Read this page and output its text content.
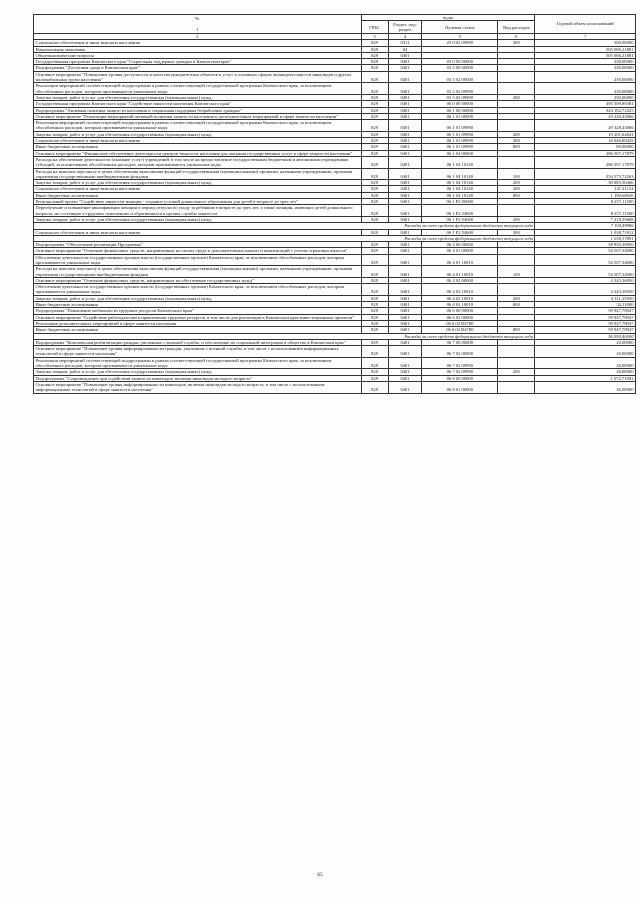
№
1	коды				Годовой объем ассигнований
	ГРБС	Раздел, под-раздел	Целевая статья	Вид расходов	
2	3	4	5	6	7
Социальное обеспечение и иные выплаты населению	829	0311	25 0 02 09990	300	300,00000
Национальная экономика	829	04			505 086,21881
Общеэкономические вопросы	829	0401			505 086,21881
Государственная программа Камчатского края "Социальная поддержка граждан в Камчатском крае"	829	0401	03 0 00 00000		250,00000
Подпрограмма "Доступная среда в Камчатском крае"	829	0401	03 3 00 00000		250,00000
Основное мероприятие "Повышение уровня доступности и качества приоритетных объектов и услуг в основных сферах жизнедеятельности инвалидов и других маломобильных групп населения"	829	0401	03 3 02 00000		250,00000
Реализация мероприятий соответствующей подпрограммы в рамках соответствующей государственной программы Камчатского края, за исключением обособленных расходов, которым присваиваются уникальные коды	829	0401	03 3 02 09990		250,00000
Закупка товаров, работ и услуг для обеспечения государственных (муниципальных) нужд	829	0401	03 3 02 09990	200	250,00000
Государственная программа Камчатского края "Содействие занятости населения Камчатского края"	829	0401	06 0 00 00000		495 309,89381
Подпрограмма "Активная политика занятости населения и социальная поддержка безработных граждан"	829	0401	06 1 00 00000		324 182,72425
Основное мероприятие "Реализация мероприятий активной политики занятости населения и дополнительных мероприятий в сфере занятости населения"	829	0401	06 1 01 00000		29 328,43066
Реализация мероприятий соответствующей подпрограммы в рамках соответствующей государственной программы Камчатского края, за исключением обособленных расходов, которым присваиваются уникальные коды	829	0401	06 1 01 09990		29 328,43066
Закупка товаров, работ и услуг для обеспечения государственных (муниципальных) нужд	829	0401	06 1 01 09990	200	19 201,62641
Социальное обеспечение и иные выплаты населению	829	0401	06 1 01 09990	300	10 046,80425
Иные бюджетные ассигнования	829	0401	06 1 01 09990	800	80,00000
Основное мероприятие "Финансовое обеспечение деятельности центров занятости населения для оказания государственных услуг в сфере занятости населения"	829	0401	06 1 04 00000		286 597,17879
Расходы на обеспечение деятельности (оказание услуг) учреждений, в том числе на предоставление государственным бюджетным и автономным учреждениям субсидий, за исключением обособленных расходов, которым присваиваются уникальные коды	829	0401	06 1 04 10140		286 597,17879
Расходы на выплаты персоналу в целях обеспечения выполнения функций государственными (муниципальными) органами, казенными учреждениями, органами управления государственными внебюджетными фондами	829	0401	06 1 04 10140	100	254 573,72263
Закупка товаров, работ и услуг для обеспечения государственных (муниципальных) нужд	829	0401	06 1 04 10140	200	30 885,56466
Социальное обеспечение и иные выплаты населению	829	0401	06 1 04 10140	300	147,21124
Иные бюджетные ассигнования	829	0401	06 1 04 10140	800	1 190,68026
Региональный проект "Содействие занятости женщин - создание условий дошкольного образования для детей в возрасте до трех лет"	829	0401	06 1 P2 00000		8 257,11500
Переобучение и повышение квалификации женщин в период отпуска по уходу за ребенком в возрасте до трех лет, а также женщин, имеющих детей дошкольного возраста, не состоящих в трудовых отношениях и обратившихся в органы службы занятости	829	0401	06 1 P2 54600		8 257,11500
Закупка товаров, работ и услуг для обеспечения государственных (муниципальных) нужд	829	0401	06 1 P2 54600	200	7 218,39688
Расходы за счет средств федерального бюджета текущего года					7 194,49986
Социальное обеспечение и иные выплаты населению	829	0401	06 1 P2 54600	300	1 038,71812
Расходы за счет средств федерального бюджета текущего года					1 038,37891
Подпрограмма "Обеспечение реализации Программы"	829	0401	06 4 00 00000		58 850,30950
Основное мероприятие "Освоение финансовых средств, направленных на оплату труда и дополнительных выплат и компенсаций с учетом страховых взносов"	829	0401	06 4 01 00000		54 507,34000
Обеспечение деятельности государственных органов власти (государственных органов) Камчатского края, за исключением обособленных расходов, которым присваиваются уникальные коды	829	0401	06 4 01 10010		54 507,34000
Расходы на выплаты персоналу в целях обеспечения выполнения функций государственными (муниципальными) органами, казенными учреждениями, органами управления государственными внебюджетными фондами	829	0401	06 4 01 10010	100	54 507,34000
Основное мероприятие "Освоение финансовых средств, направленных на обеспечение государственных нужд"	829	0401	06 4 02 00000		4 343,36950
Обеспечение деятельности государственных органов власти (государственных органов) Камчатского края, за исключением обособленных расходов, которым присваиваются уникальные коды	829	0401	06 4 02 10010		4 343,36950
Закупка товаров, работ и услуг для обеспечения государственных (муниципальных) нужд	829	0401	06 4 02 10010	200	4 311,25950
Иные бюджетные ассигнования	829	0401	06 4 02 10010	800	32,11000
Подпрограмма "Повышение мобильности трудовых ресурсов Камчатского края"	829	0401	06 6 00 00000		59 947,78947
Основное мероприятие "Содействие работодателям в привлечении трудовых ресурсов, в том числе для реализации в Камчатском крае инвестиционных проектов"	829	0401	06 6 02 00000		59 947,78947
Реализация дополнительных мероприятий в сфере занятости населения	829	0401	06 6 02 R4780		59 947,78947
Иные бюджетные ассигнования	829	0401	06 6 02 R4780	800	59 947,78947
Расходы за счет средств федерального бюджета текущего года					56 950,40000
Подпрограмма "Комплексная реабилитация граждан, уволенных с военной службы, и обеспечение их социальной интеграции в общество в Камчатском крае"	829	0401	06 7 00 00000		20,00000
Основное мероприятие "Повышение уровня информированности граждан, уволенных с военной службы, в том числе с использованием информационных технологий в сфере занятости населения"	829	0401	06 7 02 00000		20,00000
Реализация мероприятий соответствующей подпрограммы в рамках соответствующей государственной программы Камчатского края, за исключением обособленных расходов, которым присваиваются уникальные коды	829	0401	06 7 02 09990		20,00000
Закупка товаров, работ и услуг для обеспечения государственных (муниципальных) нужд	829	0401	06 7 02 09990	200	20,00000
Подпрограмма "Сопровождение при содействии занятости инвалидов, включая инвалидов молодого возраста"	829	0401	06 8 00 00000		1 072,71092
Основное мероприятие "Повышение уровня информированности инвалидов, включая инвалидов молодого возраста, в том числе с использованием информационных технологий в сфере занятости населения"	829	0401	06 8 01 00000		36,00000
65
